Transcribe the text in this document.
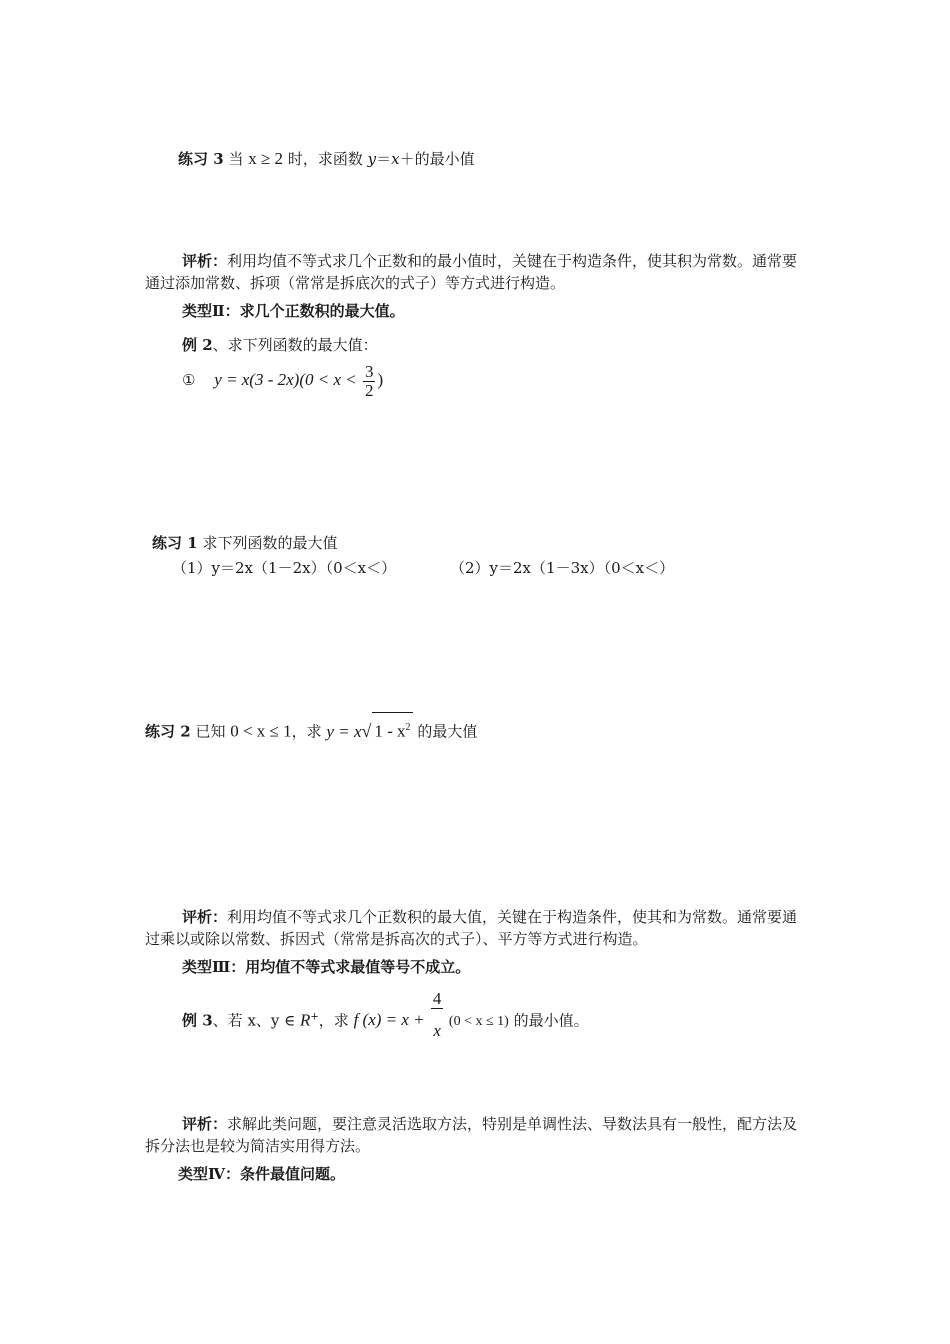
练习 3 当 x ≥ 2 时，求函数 y＝x＋的最小值
评析：利用均值不等式求几个正数和的最小值时，关键在于构造条件，使其积为常数。通常要通过添加常数、拆项（常常是拆底次的式子）等方式进行构造。
类型Ⅱ：求几个正数积的最大值。
例 2、求下列函数的最大值：
① $y = x(3 - 2x)(0 < x < \frac{3}{2}$ )
练习 1 求下列函数的最大值
（1）y＝2x（1－2x）（0＜x＜）	（2）y＝2x（1－3x）（0＜x＜）
练习 2 已知 0 < x ≤ 1，求 y = x√ $1 - x^2$ 的最大值
评析：利用均值不等式求几个正数积的最大值，关键在于构造条件，使其和为常数。通常要通过乘以或除以常数、拆因式（常常是拆高次的式子）、平方等方式进行构造。
类型Ⅲ：用均值不等式求最值等号不成立。
例 3、若 x、y ∈ R+，求 f $(x) = x + \frac{4}{x} (0 < x \le 1)$ 的最小值。
评析：求解此类问题，要注意灵活选取方法，特别是单调性法、导数法具有一般性，配方法及拆分法也是较为简洁实用得方法。
类型Ⅳ：条件最值问题。
